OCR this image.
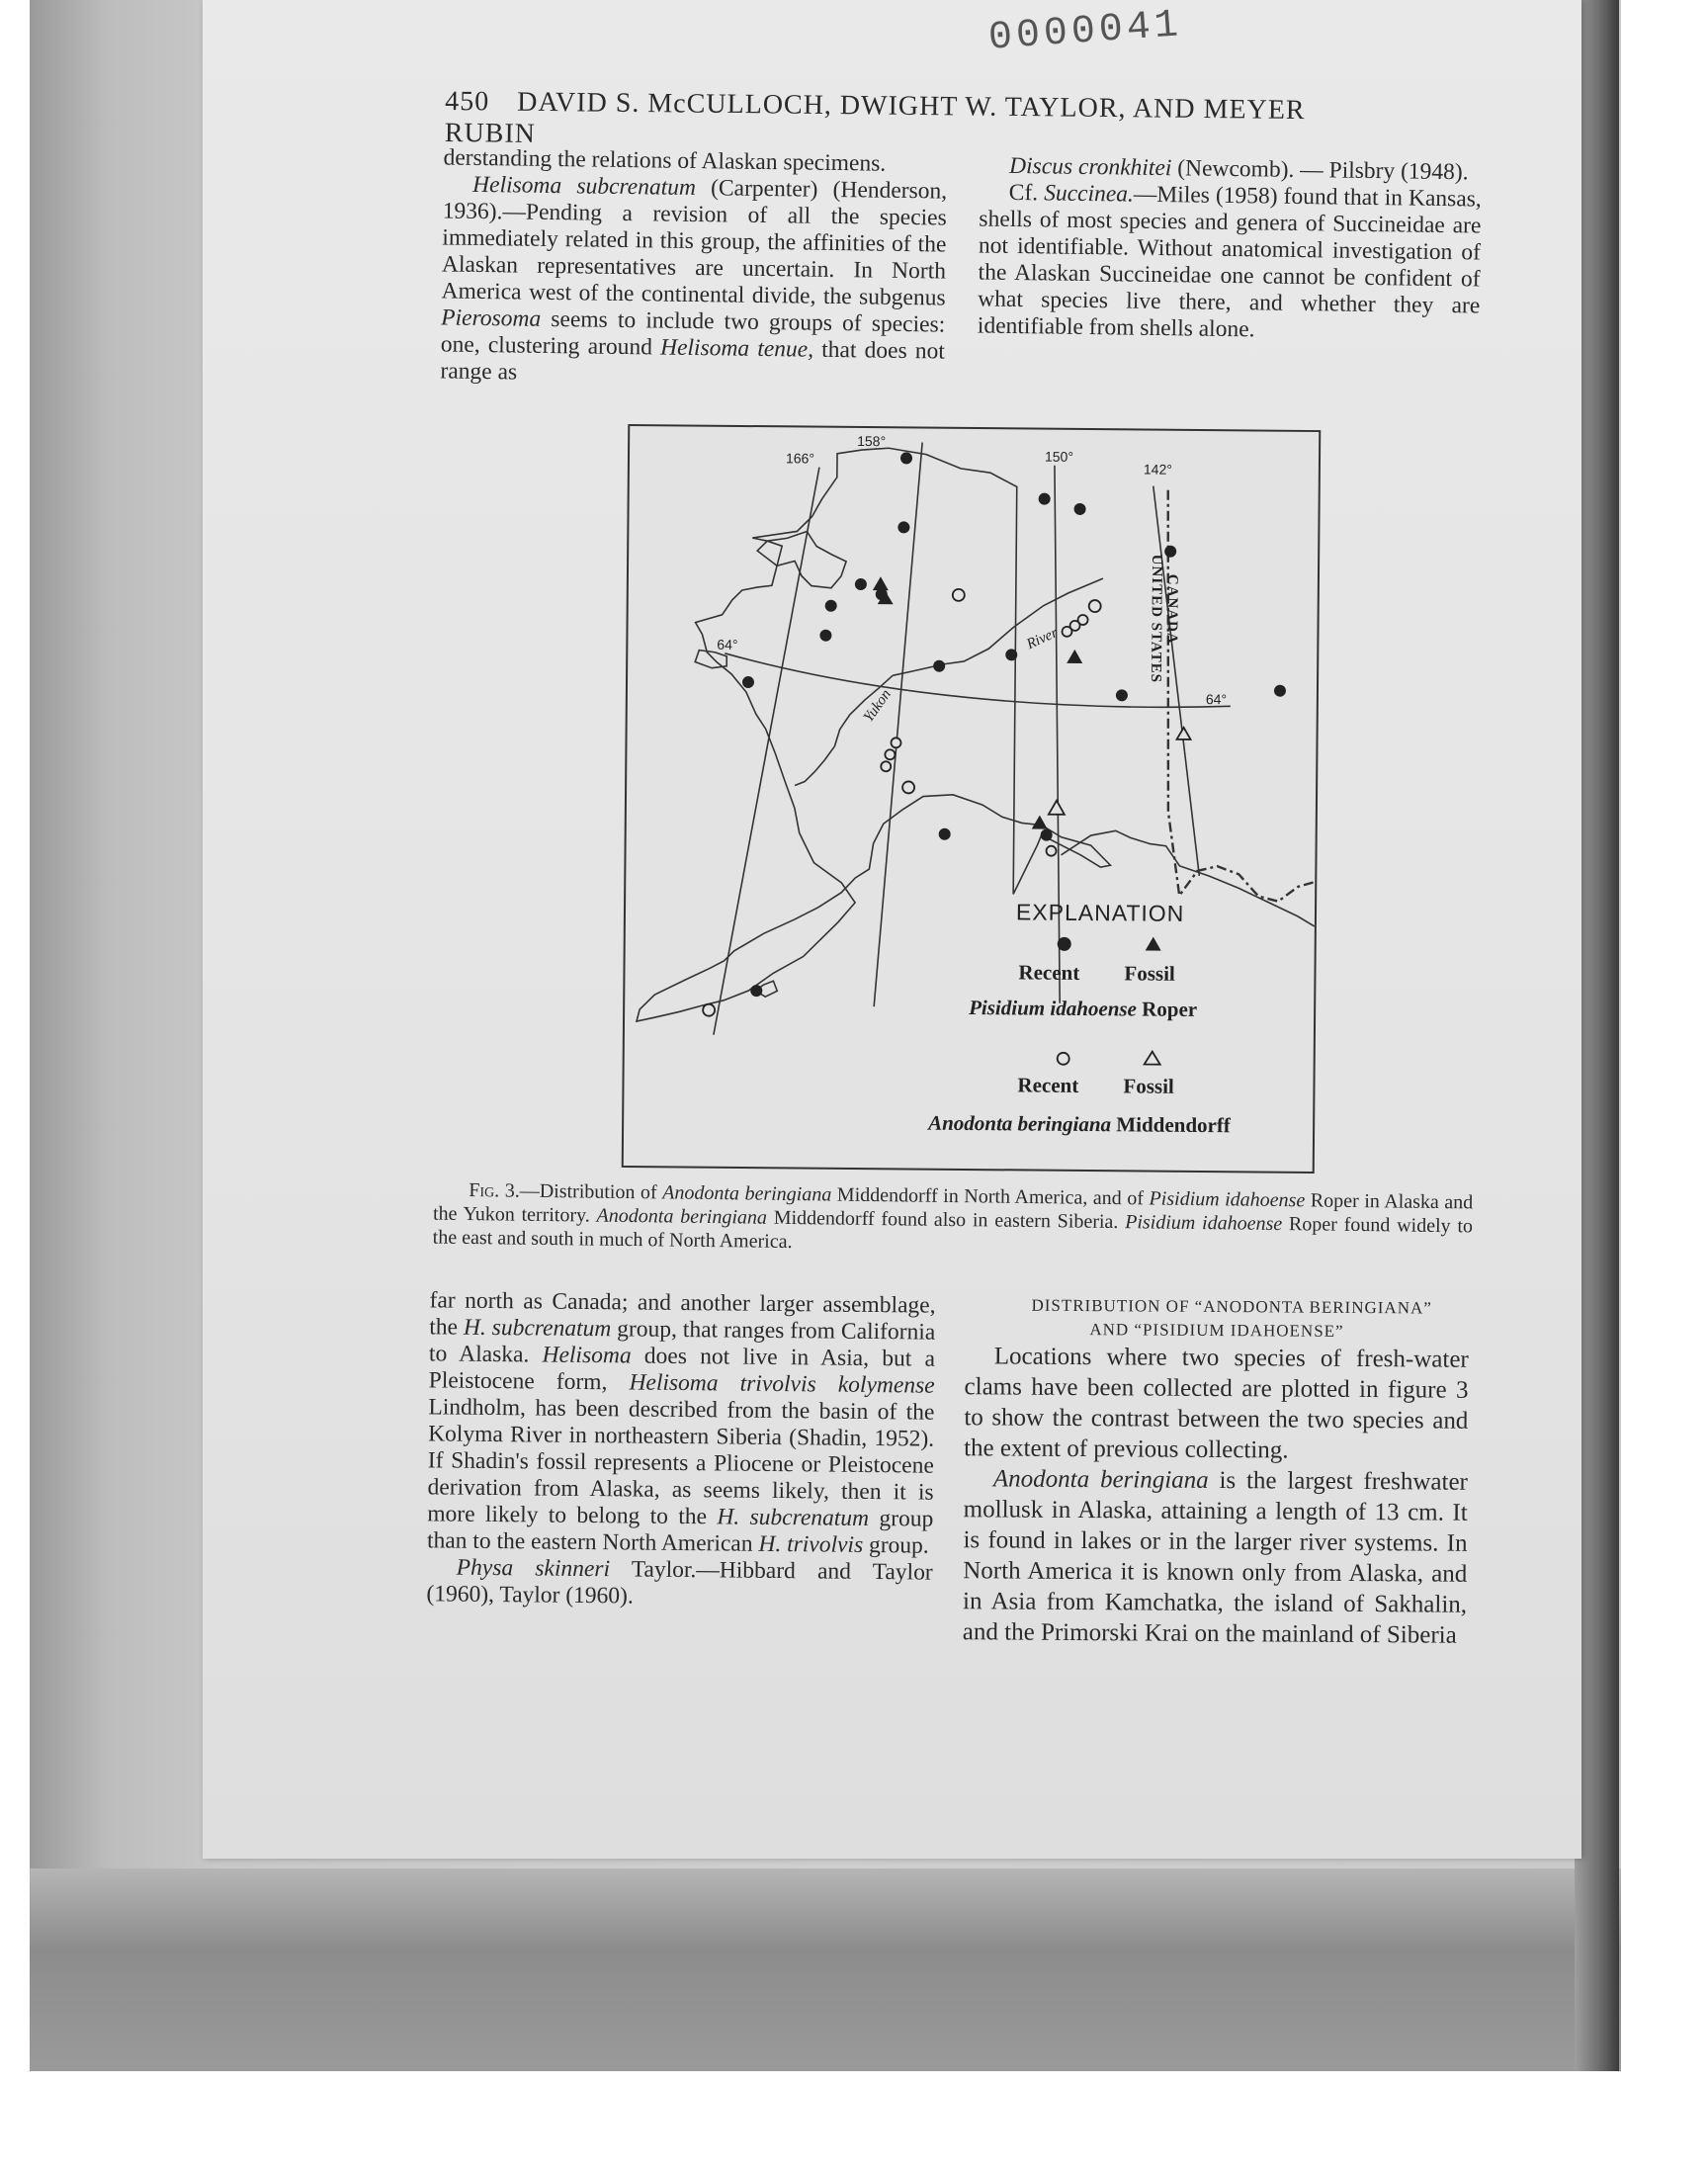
0000041
450 DAVID S. McCULLOCH, DWIGHT W. TAYLOR, AND MEYER RUBIN

derstanding the relations of Alaskan specimens.

Helisoma subcrenatum (Carpenter) (Henderson, 1936).—Pending a revision of all the species immediately related in this group, the affinities of the Alaskan representatives are uncertain. In North America west of the continental divide, the subgenus Pierosoma seems to include two groups of species: one, clustering around Helisoma tenue, that does not range as

Discus cronkhitei (Newcomb). — Pilsbry (1948).

Cf. Succinea.—Miles (1958) found that in Kansas, shells of most species and genera of Succineidae are not identifiable. Without anatomical investigation of the Alaskan Succineidae one cannot be confident of what species live there, and whether they are identifiable from shells alone.

158°
166°	150°
142°
64°
64°
Yukon
River	CANADA
UNITED STATES
EXPLANATION
Recent Fossil
Pisidium idahoense Roper
Recent Fossil
Anodonta beringiana Middendorff
Fig. 3.—Distribution of Anodonta beringiana Middendorff in North America, and of Pisidium idahoense Roper in Alaska and the Yukon territory. Anodonta beringiana Middendorff found also in eastern Siberia. Pisidium idahoense Roper found widely to the east and south in much of North America.

far north as Canada; and another larger assemblage, the H. subcrenatum group, that ranges from California to Alaska. Helisoma does not live in Asia, but a Pleistocene form, Helisoma trivolvis kolymense Lindholm, has been described from the basin of the Kolyma River in northeastern Siberia (Shadin, 1952). If Shadin's fossil represents a Pliocene or Pleistocene derivation from Alaska, as seems likely, then it is more likely to belong to the H. subcrenatum group than to the eastern North American H. trivolvis group.

Physa skinneri Taylor.—Hibbard and Taylor (1960), Taylor (1960).

DISTRIBUTION OF “ANODONTA BERINGIANA”
AND “PISIDIUM IDAHOENSE”

Locations where two species of fresh-water clams have been collected are plotted in figure 3 to show the contrast between the two species and the extent of previous collecting.

Anodonta beringiana is the largest freshwater mollusk in Alaska, attaining a length of 13 cm. It is found in lakes or in the larger river systems. In North America it is known only from Alaska, and in Asia from Kamchatka, the island of Sakhalin, and the Primorski Krai on the mainland of Siberia
